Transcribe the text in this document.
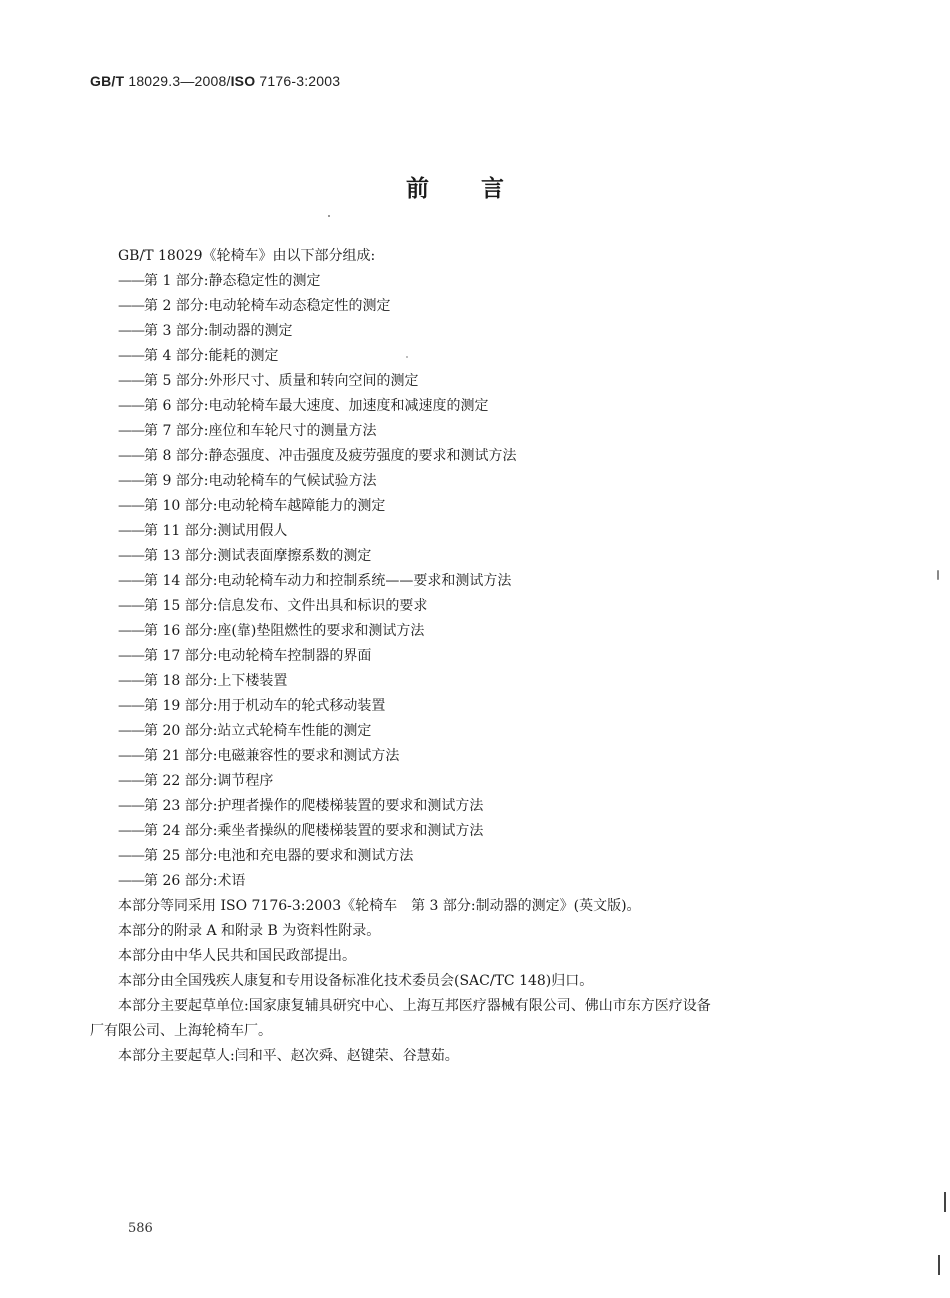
GB/T 18029.3—2008/ISO 7176-3:2003
前言
GB/T 18029《轮椅车》由以下部分组成:
——第 1 部分:静态稳定性的测定
——第 2 部分:电动轮椅车动态稳定性的测定
——第 3 部分:制动器的测定
——第 4 部分:能耗的测定
——第 5 部分:外形尺寸、质量和转向空间的测定
——第 6 部分:电动轮椅车最大速度、加速度和减速度的测定
——第 7 部分:座位和车轮尺寸的测量方法
——第 8 部分:静态强度、冲击强度及疲劳强度的要求和测试方法
——第 9 部分:电动轮椅车的气候试验方法
——第 10 部分:电动轮椅车越障能力的测定
——第 11 部分:测试用假人
——第 13 部分:测试表面摩擦系数的测定
——第 14 部分:电动轮椅车动力和控制系统——要求和测试方法
——第 15 部分:信息发布、文件出具和标识的要求
——第 16 部分:座(靠)垫阻燃性的要求和测试方法
——第 17 部分:电动轮椅车控制器的界面
——第 18 部分:上下楼装置
——第 19 部分:用于机动车的轮式移动装置
——第 20 部分:站立式轮椅车性能的测定
——第 21 部分:电磁兼容性的要求和测试方法
——第 22 部分:调节程序
——第 23 部分:护理者操作的爬楼梯装置的要求和测试方法
——第 24 部分:乘坐者操纵的爬楼梯装置的要求和测试方法
——第 25 部分:电池和充电器的要求和测试方法
——第 26 部分:术语
本部分等同采用 ISO 7176-3:2003《轮椅车　第 3 部分:制动器的测定》(英文版)。
本部分的附录 A 和附录 B 为资料性附录。
本部分由中华人民共和国民政部提出。
本部分由全国残疾人康复和专用设备标准化技术委员会(SAC/TC 148)归口。
本部分主要起草单位:国家康复辅具研究中心、上海互邦医疗器械有限公司、佛山市东方医疗设备
厂有限公司、上海轮椅车厂。
本部分主要起草人:闫和平、赵次舜、赵键荣、谷慧茹。
586
